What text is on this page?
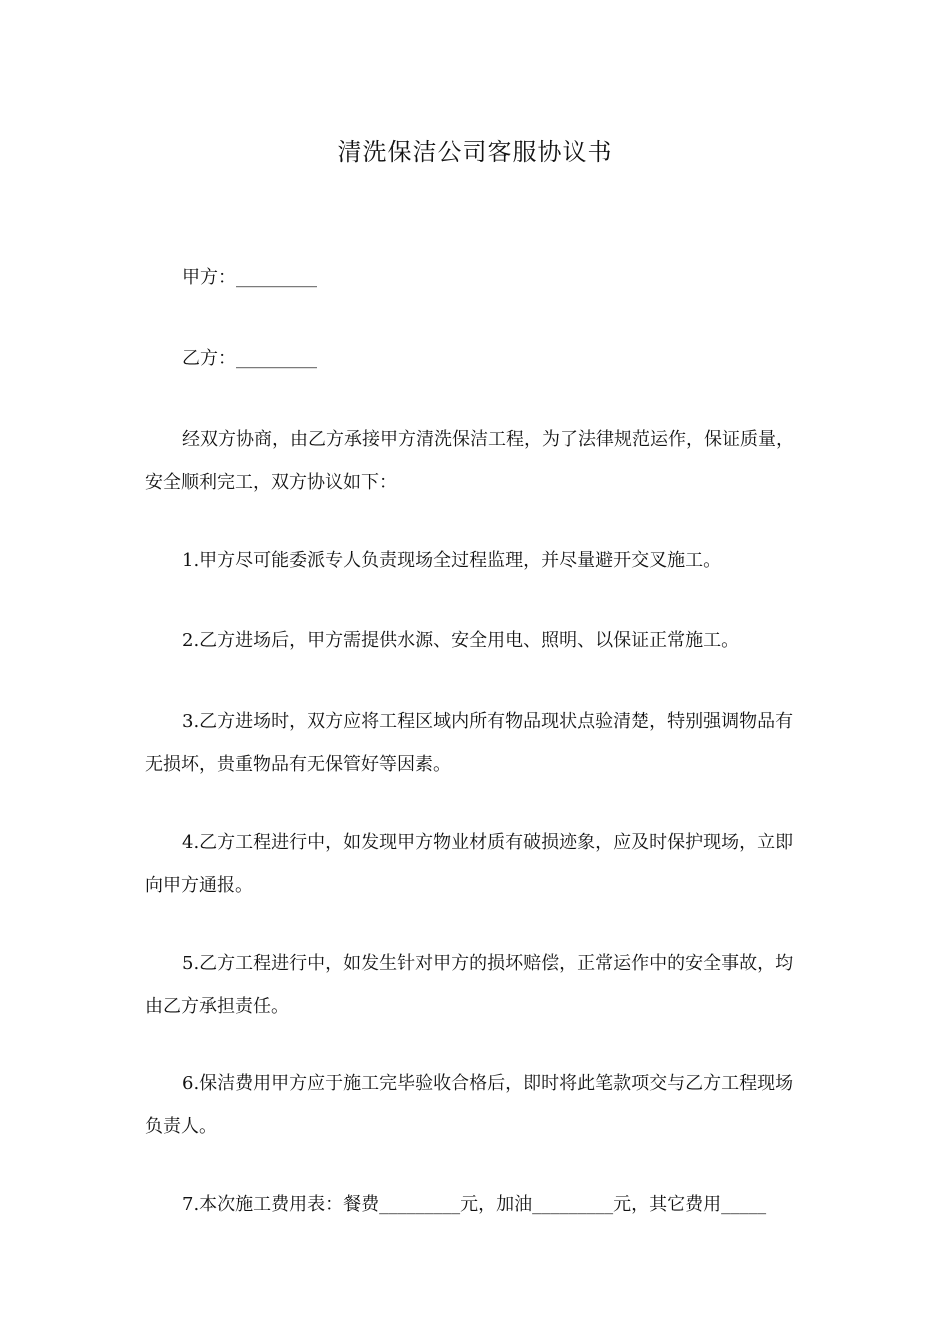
清洗保洁公司客服协议书
甲方：_________
乙方：_________
经双方协商，由乙方承接甲方清洗保洁工程，为了法律规范运作，保证质量，安全顺利完工，双方协议如下：
1.甲方尽可能委派专人负责现场全过程监理，并尽量避开交叉施工。
2.乙方进场后，甲方需提供水源、安全用电、照明、以保证正常施工。
3.乙方进场时，双方应将工程区域内所有物品现状点验清楚，特别强调物品有无损坏，贵重物品有无保管好等因素。
4.乙方工程进行中，如发现甲方物业材质有破损迹象，应及时保护现场，立即向甲方通报。
5.乙方工程进行中，如发生针对甲方的损坏赔偿，正常运作中的安全事故，均由乙方承担责任。
6.保洁费用甲方应于施工完毕验收合格后，即时将此笔款项交与乙方工程现场负责人。
7.本次施工费用表：餐费_________元，加油_________元，其它费用_____
